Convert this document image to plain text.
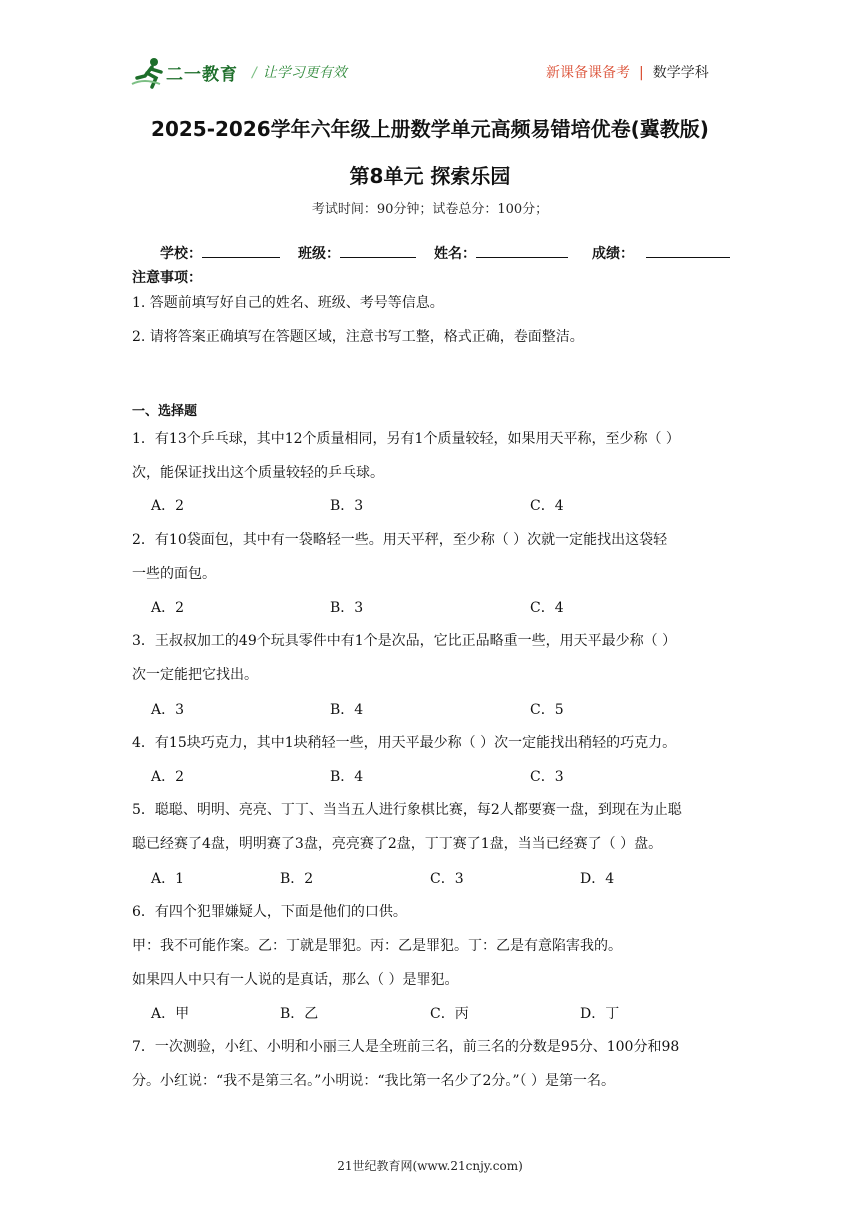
二一教育 / 让学习更有效	新课备课备考 | 数学学科
2025-2026学年六年级上册数学单元高频易错培优卷(冀教版)
第8单元 探索乐园
考试时间：90分钟；试卷总分：100分；
学校：	班级：	姓名：	成绩：
注意事项：
1. 答题前填写好自己的姓名、班级、考号等信息。
2. 请将答案正确填写在答题区域，注意书写工整，格式正确，卷面整洁。
一、选择题
1．有13个乒乓球，其中12个质量相同，另有1个质量较轻，如果用天平称，至少称（ ）
次，能保证找出这个质量较轻的乒乓球。
A．2	B．3	C．4
2．有10袋面包，其中有一袋略轻一些。用天平秤，至少称（ ）次就一定能找出这袋轻
一些的面包。
A．2	B．3	C．4
3．王叔叔加工的49个玩具零件中有1个是次品，它比正品略重一些，用天平最少称（ ）
次一定能把它找出。
A．3	B．4	C．5
4．有15块巧克力，其中1块稍轻一些，用天平最少称（ ）次一定能找出稍轻的巧克力。
A．2	B．4	C．3
5．聪聪、明明、亮亮、丁丁、当当五人进行象棋比赛，每2人都要赛一盘，到现在为止聪
聪已经赛了4盘，明明赛了3盘，亮亮赛了2盘，丁丁赛了1盘，当当已经赛了（ ）盘。
A．1	B．2	C．3	D．4
6．有四个犯罪嫌疑人，下面是他们的口供。
甲：我不可能作案。乙：丁就是罪犯。丙：乙是罪犯。丁：乙是有意陷害我的。
如果四人中只有一人说的是真话，那么（ ）是罪犯。
A．甲	B．乙	C．丙	D．丁
7．一次测验，小红、小明和小丽三人是全班前三名，前三名的分数是95分、100分和98
分。小红说：“我不是第三名。”小明说：“我比第一名少了2分。”（ ）是第一名。
21世纪教育网(www.21cnjy.com)
